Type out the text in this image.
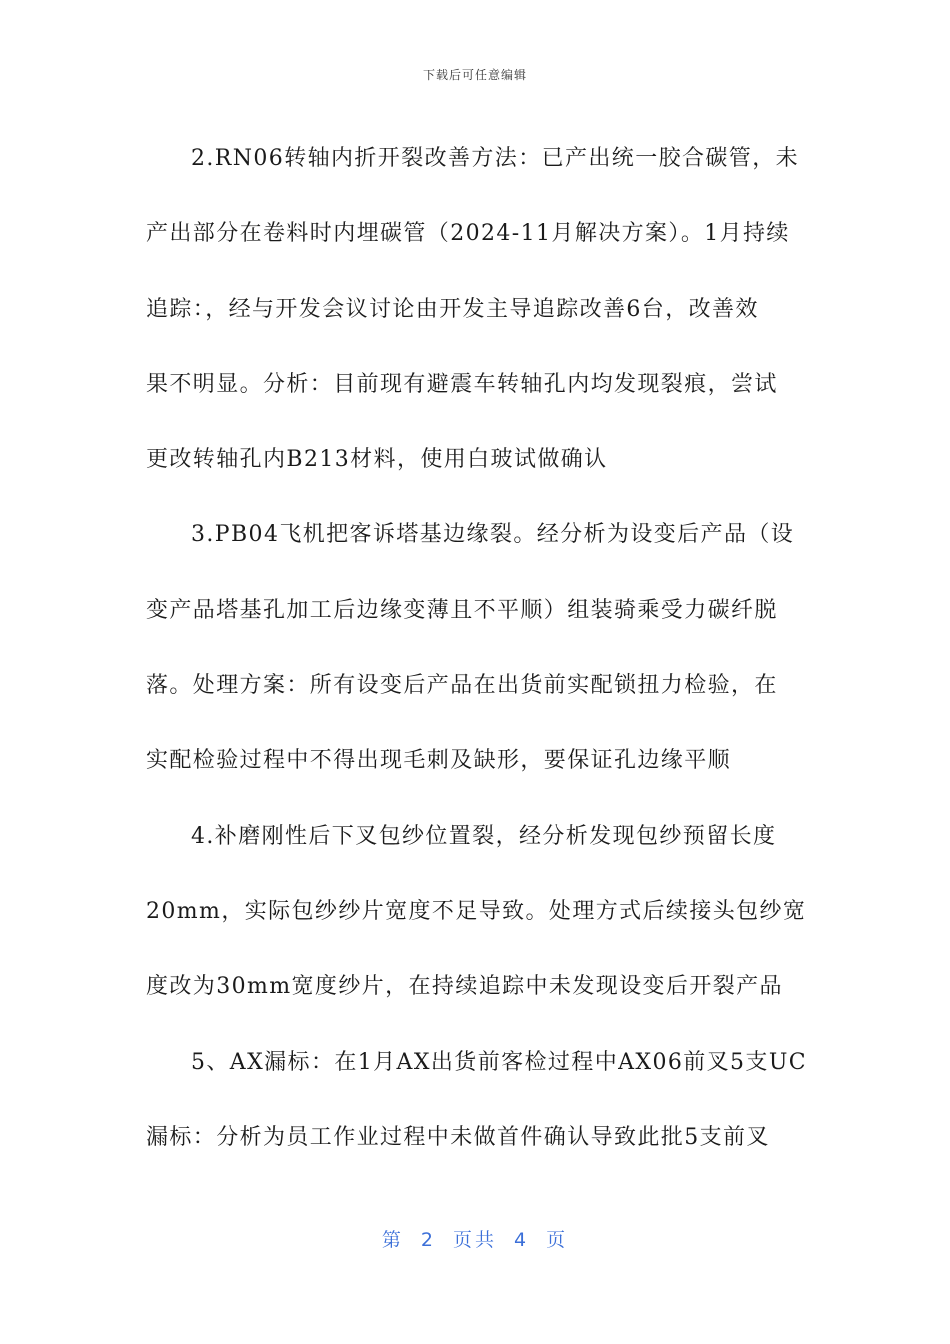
下载后可任意编辑

2.RN06转轴内折开裂改善方法：已产出统一胶合碳管，未
产出部分在卷料时内埋碳管（2024-11月解决方案）。1月持续
追踪：，经与开发会议讨论由开发主导追踪改善6台，改善效
果不明显。分析：目前现有避震车转轴孔内均发现裂痕，尝试
更改转轴孔内B213材料，使用白玻试做确认

3.PB04飞机把客诉塔基边缘裂。经分析为设变后产品（设
变产品塔基孔加工后边缘变薄且不平顺）组装骑乘受力碳纤脱
落。处理方案：所有设变后产品在出货前实配锁扭力检验，在
实配检验过程中不得出现毛刺及缺形，要保证孔边缘平顺

4.补磨刚性后下叉包纱位置裂，经分析发现包纱预留长度
20mm，实际包纱纱片宽度不足导致。处理方式后续接头包纱宽
度改为30mm宽度纱片，在持续追踪中未发现设变后开裂产品

5、AX漏标：在1月AX出货前客检过程中AX06前叉5支UC
漏标：分析为员工作业过程中未做首件确认导致此批5支前叉

第 2 页共 4 页
